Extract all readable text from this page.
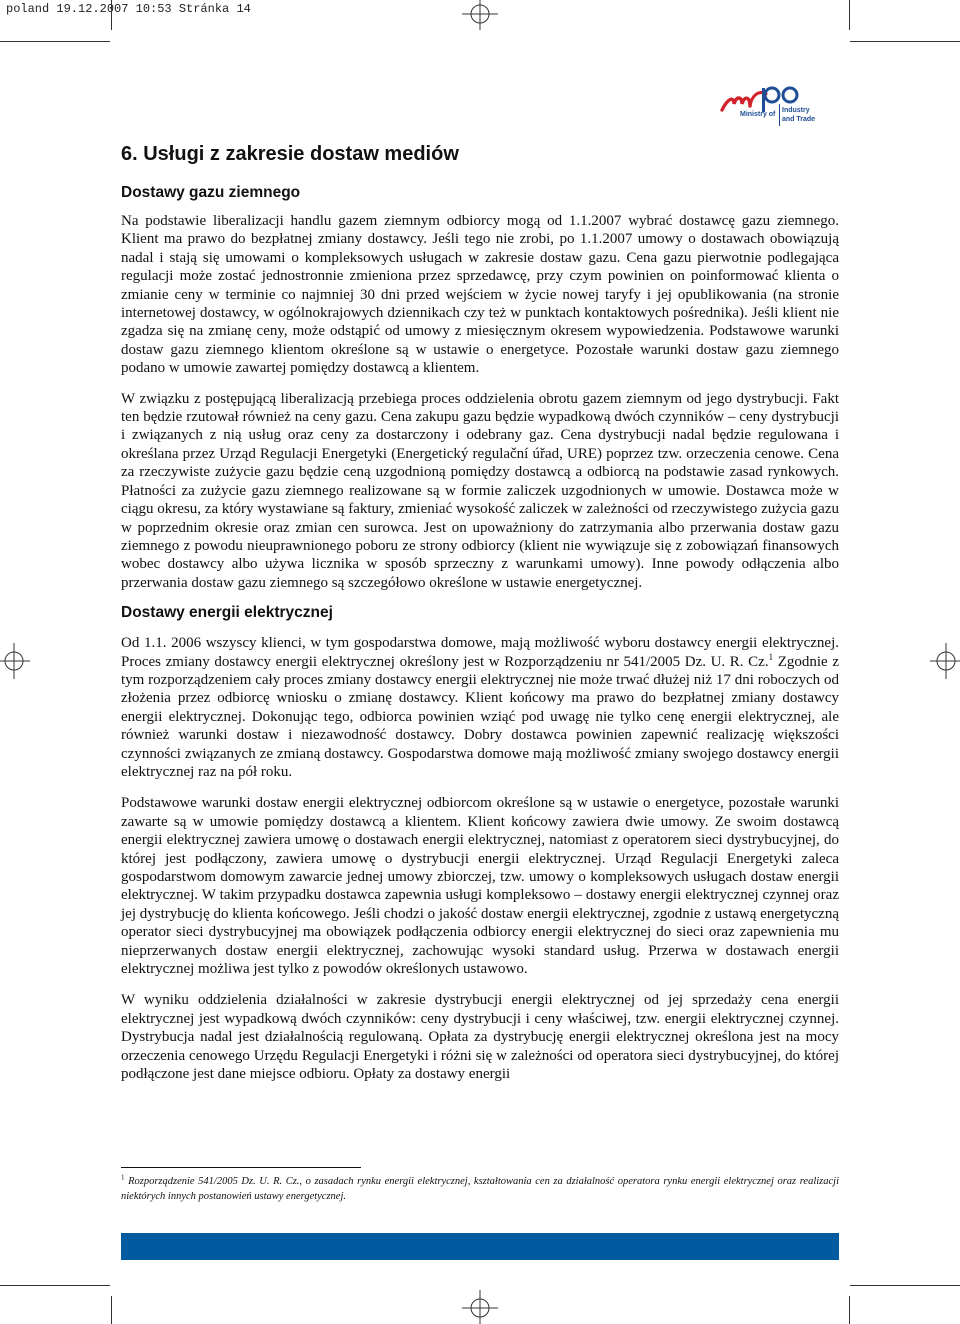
poland 19.12.2007 10:53 Stránka 14
Ministry of
Industry
and Trade
6. Usługi z zakresie dostaw mediów
Dostawy gazu ziemnego

Na podstawie liberalizacji handlu gazem ziemnym odbiorcy mogą od 1.1.2007 wybrać dostawcę gazu ziemnego. Klient ma prawo do bezpłatnej zmiany dostawcy. Jeśli tego nie zrobi, po 1.1.2007 umowy o dostawach obowiązują nadal i stają się umowami o kompleksowych usługach w zakresie dostaw gazu. Cena gazu pierwotnie podlegająca regulacji może zostać jednostronnie zmieniona przez sprzedawcę, przy czym powinien on poinformować klienta o zmianie ceny w terminie co najmniej 30 dni przed wejściem w życie nowej taryfy i jej opublikowania (na stronie internetowej dostawcy, w ogólnokrajowych dziennikach czy też w punktach kontaktowych pośrednika). Jeśli klient nie zgadza się na zmianę ceny, może odstąpić od umowy z miesięcznym okresem wypowiedzenia. Podstawowe warunki dostaw gazu ziemnego klientom określone są w ustawie o energetyce. Pozostałe warunki dostaw gazu ziemnego podano w umowie zawartej pomiędzy dostawcą a klientem.

W związku z postępującą liberalizacją przebiega proces oddzielenia obrotu gazem ziemnym od jego dystrybucji. Fakt ten będzie rzutował również na ceny gazu. Cena zakupu gazu będzie wypadkową dwóch czynników – ceny dystrybucji i związanych z nią usług oraz ceny za dostarczony i odebrany gaz. Cena dystrybucji nadal będzie regulowana i określana przez Urząd Regulacji Energetyki (Energetický regulační úřad, URE) poprzez tzw. orzeczenia cenowe. Cena za rzeczywiste zużycie gazu będzie ceną uzgodnioną pomiędzy dostawcą a odbiorcą na podstawie zasad rynkowych. Płatności za zużycie gazu ziemnego realizowane są w formie zaliczek uzgodnionych w umowie. Dostawca może w ciągu okresu, za który wystawiane są faktury, zmieniać wysokość zaliczek w zależności od rzeczywistego zużycia gazu w poprzednim okresie oraz zmian cen surowca. Jest on upoważniony do zatrzymania albo przerwania dostaw gazu ziemnego z powodu nieuprawnionego poboru ze strony odbiorcy (klient nie wywiązuje się z zobowiązań finansowych wobec dostawcy albo używa licznika w sposób sprzeczny z warunkami umowy). Inne powody odłączenia albo przerwania dostaw gazu ziemnego są szczegółowo określone w ustawie energetycznej.

Dostawy energii elektrycznej

Od 1.1. 2006 wszyscy klienci, w tym gospodarstwa domowe, mają możliwość wyboru dostawcy energii elektrycznej. Proces zmiany dostawcy energii elektrycznej określony jest w Rozporządzeniu nr 541/2005 Dz. U. R. Cz.$^1$ Zgodnie z tym rozporządzeniem cały proces zmiany dostawcy energii elektrycznej nie może trwać dłużej niż 17 dni roboczych od złożenia przez odbiorcę wniosku o zmianę dostawcy. Klient końcowy ma prawo do bezpłatnej zmiany dostawcy energii elektrycznej. Dokonując tego, odbiorca powinien wziąć pod uwagę nie tylko cenę energii elektrycznej, ale również warunki dostaw i niezawodność dostawcy. Dobry dostawca powinien zapewnić realizację większości czynności związanych ze zmianą dostawcy. Gospodarstwa domowe mają możliwość zmiany swojego dostawcy energii elektrycznej raz na pół roku.

Podstawowe warunki dostaw energii elektrycznej odbiorcom określone są w ustawie o energetyce, pozostałe warunki zawarte są w umowie pomiędzy dostawcą a klientem. Klient końcowy zawiera dwie umowy. Ze swoim dostawcą energii elektrycznej zawiera umowę o dostawach energii elektrycznej, natomiast z operatorem sieci dystrybucyjnej, do której jest podłączony, zawiera umowę o dystrybucji energii elektrycznej. Urząd Regulacji Energetyki zaleca gospodarstwom domowym zawarcie jednej umowy zbiorczej, tzw. umowy o kompleksowych usługach dostaw energii elektrycznej. W takim przypadku dostawca zapewnia usługi kompleksowo – dostawy energii elektrycznej czynnej oraz jej dystrybucję do klienta końcowego. Jeśli chodzi o jakość dostaw energii elektrycznej, zgodnie z ustawą energetyczną operator sieci dystrybucyjnej ma obowiązek podłączenia odbiorcy energii elektrycznej do sieci oraz zapewnienia mu nieprzerwanych dostaw energii elektrycznej, zachowując wysoki standard usług. Przerwa w dostawach energii elektrycznej możliwa jest tylko z powodów określonych ustawowo.

W wyniku oddzielenia działalności w zakresie dystrybucji energii elektrycznej od jej sprzedaży cena energii elektrycznej jest wypadkową dwóch czynników: ceny dystrybucji i ceny właściwej, tzw. energii elektrycznej czynnej. Dystrybucja nadal jest działalnością regulowaną. Opłata za dystrybucję energii elektrycznej określona jest na mocy orzeczenia cenowego Urzędu Regulacji Energetyki i różni się w zależności od operatora sieci dystrybucyjnej, do której podłączone jest dane miejsce odbioru. Opłaty za dostawy energii

$^1$ Rozporządzenie 541/2005 Dz. U. R. Cz., o zasadach rynku energii elektrycznej, kształtowania cen za działalność operatora rynku energii elektrycznej oraz realizacji niektórych innych postanowień ustawy energetycznej.
